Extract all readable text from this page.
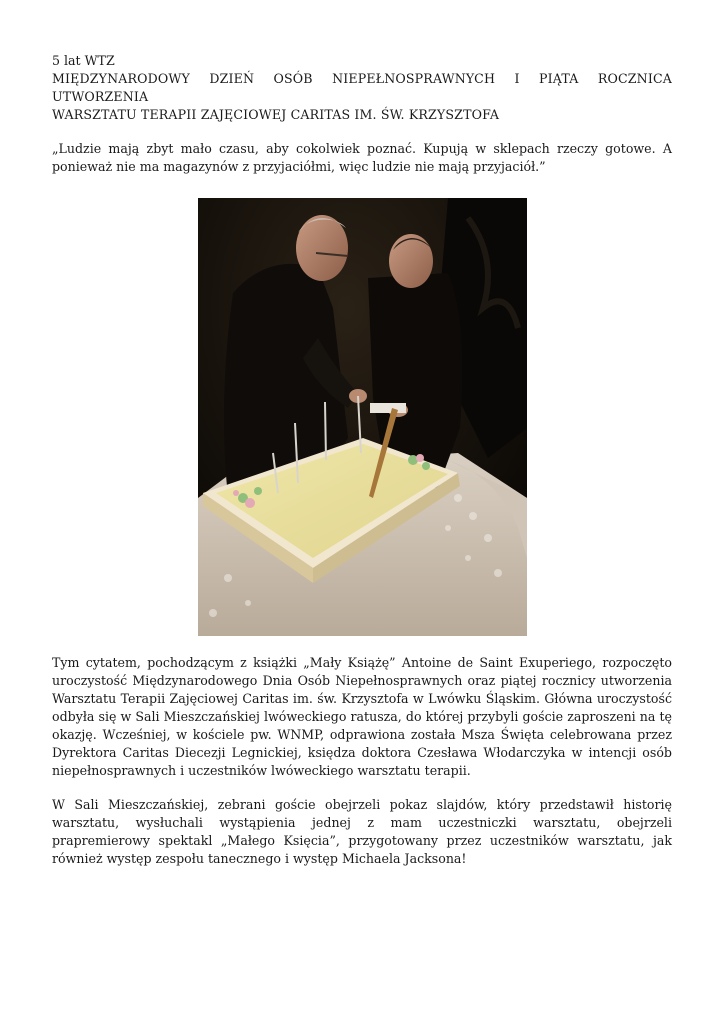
5 lat WTZ

MIĘDZYNARODOWY DZIEŃ OSÓB NIEPEŁNOSPRAWNYCH I PIĄTA ROCZNICA UTWORZENIA

WARSZTATU TERAPII ZAJĘCIOWEJ CARITAS IM. ŚW. KRZYSZTOFA

„Ludzie mają zbyt mało czasu, aby cokolwiek poznać. Kupują w sklepach rzeczy gotowe. A ponieważ nie ma magazynów z przyjaciółmi, więc ludzie nie mają przyjaciół.”

Tym cytatem, pochodzącym z książki „Mały Książę” Antoine de Saint Exuperiego, rozpoczęto uroczystość Międzynarodowego Dnia Osób Niepełnosprawnych oraz piątej rocznicy utworzenia Warsztatu Terapii Zajęciowej Caritas im. św. Krzysztofa w Lwówku Śląskim. Główna uroczystość odbyła się w Sali Mieszczańskiej lwóweckiego ratusza, do której przybyli goście zaproszeni na tę okazję. Wcześniej, w kościele pw. WNMP, odprawiona została Msza Święta celebrowana przez Dyrektora Caritas Diecezji Legnickiej, księdza doktora Czesława Włodarczyka w intencji osób niepełnosprawnych i uczestników lwóweckiego warsztatu terapii.

W Sali Mieszczańskiej, zebrani goście obejrzeli pokaz slajdów, który przedstawił historię warsztatu, wysłuchali wystąpienia jednej z mam uczestniczki warsztatu, obejrzeli prapremierowy spektakl „Małego Księcia”, przygotowany przez uczestników warsztatu, jak również występ zespołu tanecznego i występ Michaela Jacksona!
